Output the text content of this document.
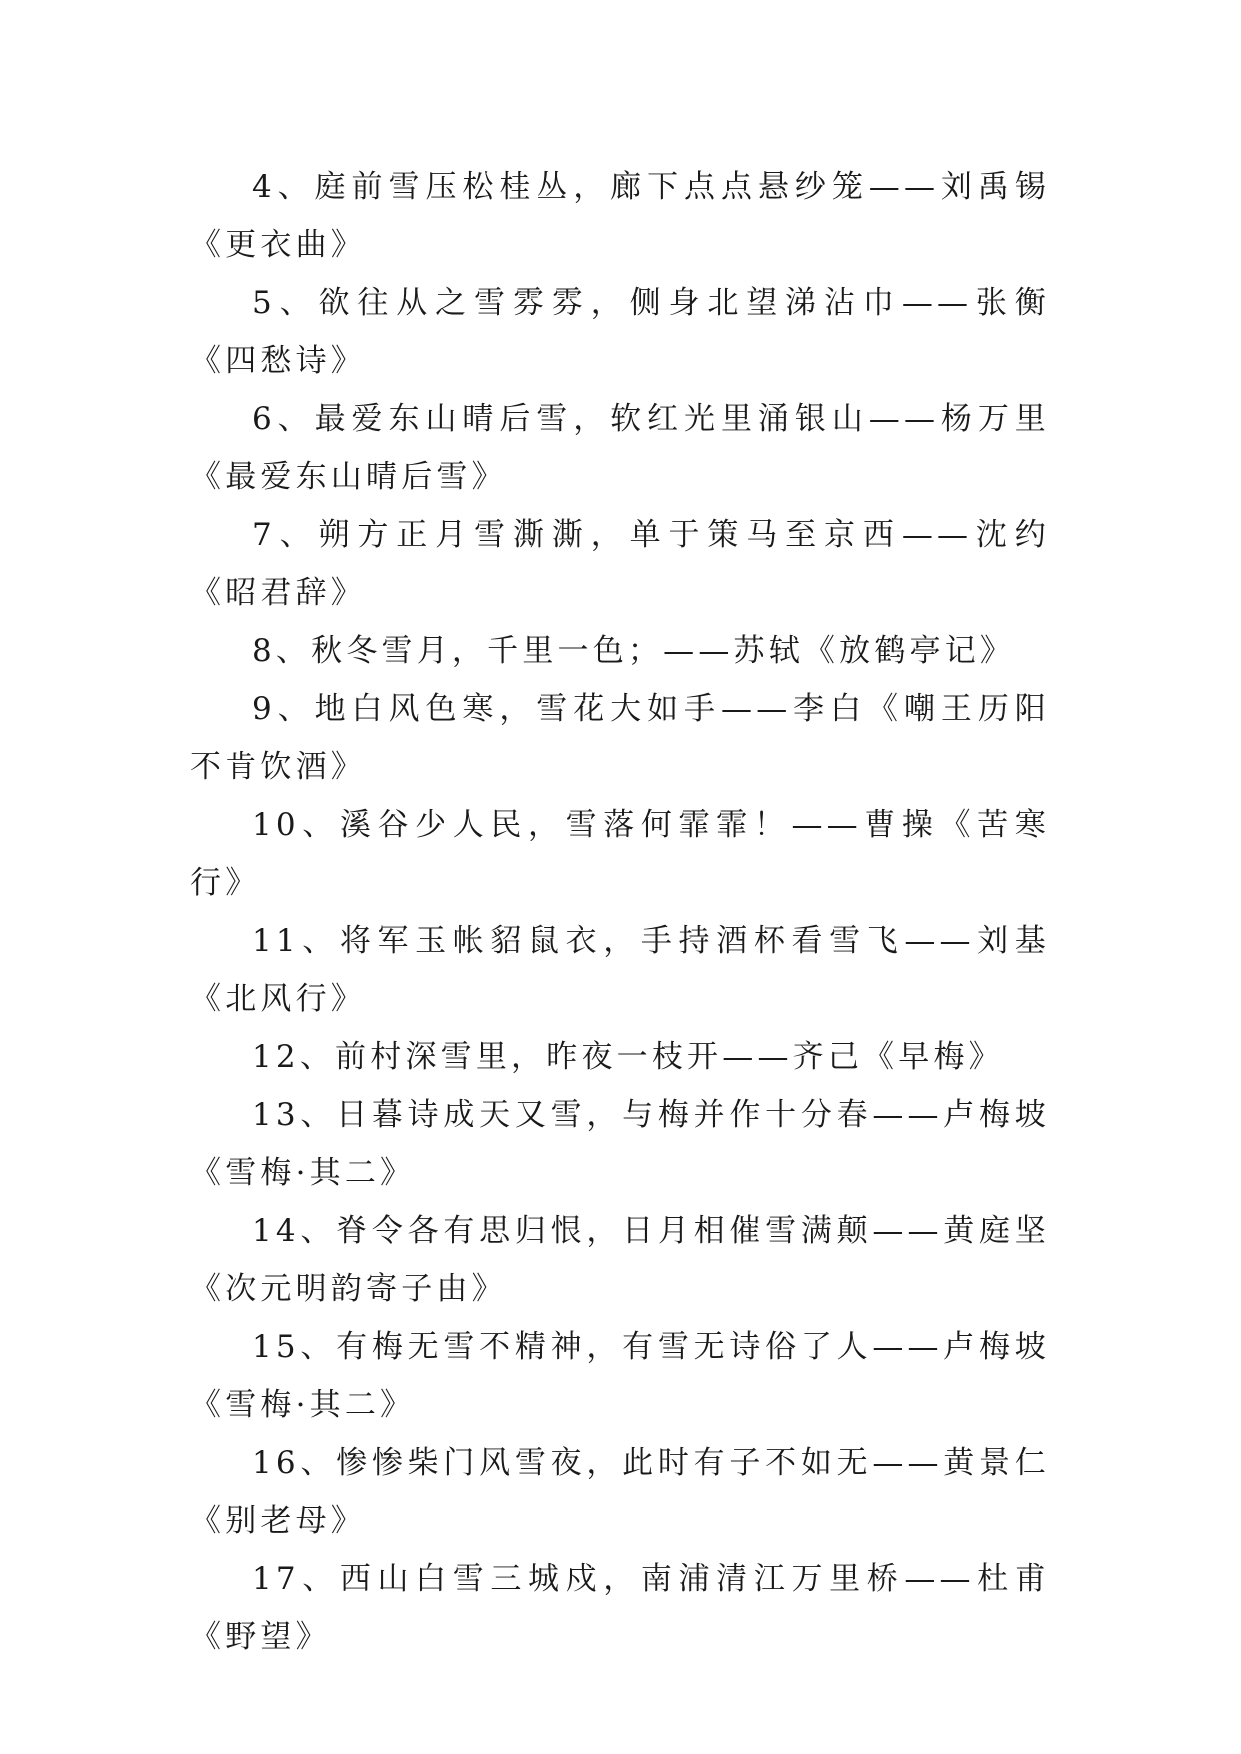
4、庭前雪压松桂丛，廊下点点悬纱笼——刘禹锡《更衣曲》

5、欲往从之雪雰雰，侧身北望涕沾巾——张衡《四愁诗》

6、最爱东山晴后雪，软红光里涌银山——杨万里《最爱东山晴后雪》

7、朔方正月雪澌澌，单于策马至京西——沈约《昭君辞》

8、秋冬雪月，千里一色；——苏轼《放鹤亭记》

9、地白风色寒，雪花大如手——李白《嘲王历阳不肯饮酒》

10、溪谷少人民，雪落何霏霏！——曹操《苦寒行》

11、将军玉帐貂鼠衣，手持酒杯看雪飞——刘基《北风行》

12、前村深雪里，昨夜一枝开——齐己《早梅》

13、日暮诗成天又雪，与梅并作十分春——卢梅坡《雪梅·其二》

14、脊令各有思归恨，日月相催雪满颠——黄庭坚《次元明韵寄子由》

15、有梅无雪不精神，有雪无诗俗了人——卢梅坡《雪梅·其二》

16、惨惨柴门风雪夜，此时有子不如无——黄景仁《别老母》

17、西山白雪三城戍，南浦清江万里桥——杜甫《野望》
